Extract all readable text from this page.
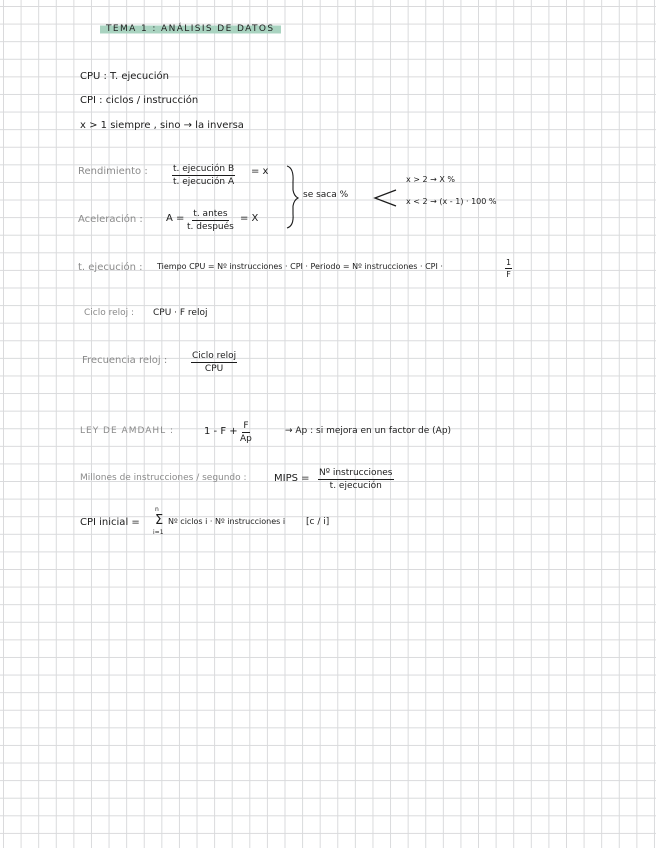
TEMA 1 : ANÁLISIS DE DATOS
CPU : T. ejecución
CPI : ciclos / instrucción
x > 1 siempre , sino → la inversa
Rendimiento :	t. ejecución B
t. ejecución A
= x
Aceleración : A = t. antes
t. después
= X
se saca %
x > 2 → X %
x < 2 → (x - 1) · 100 %
t. ejecución : Tiempo CPU = Nº instrucciones · CPI · Periodo = Nº instrucciones · CPI ·	$\frac{1}{F}$
Ciclo reloj : CPU · F reloj
Frecuencia reloj :	Ciclo reloj
CPU
LEY DE AMDAHL :	$1 - F + \frac{F}{Ap}$	→ Ap : si mejora en un factor de (Ap)
Millones de instrucciones / segundo :	MIPS = Nº instrucciones
t. ejecución
CPI inicial =
n
Σ
i=1
Nº ciclos i · Nº instrucciones i [c / i]
